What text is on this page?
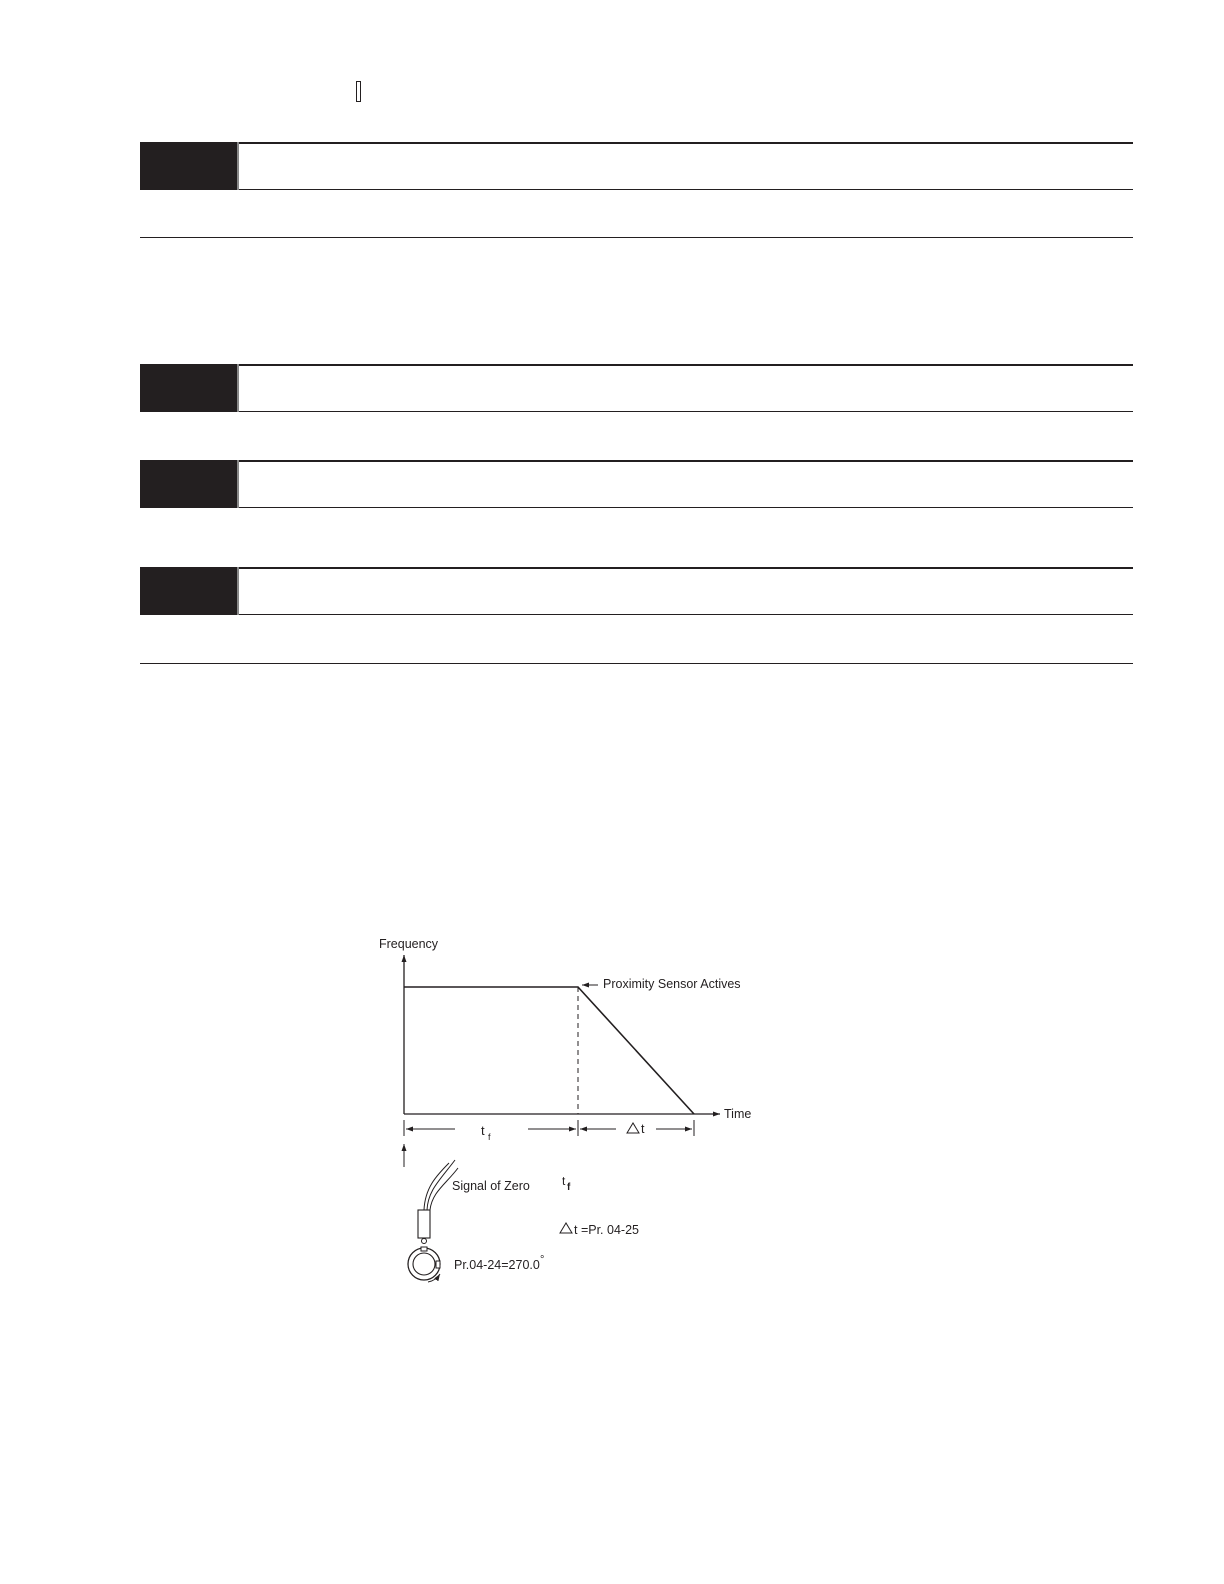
Frequency
Time
Proximity Sensor Actives
t f
t
Signal of Zero	t f
t =Pr. 04-25
Pr.04-24=270.0 °
